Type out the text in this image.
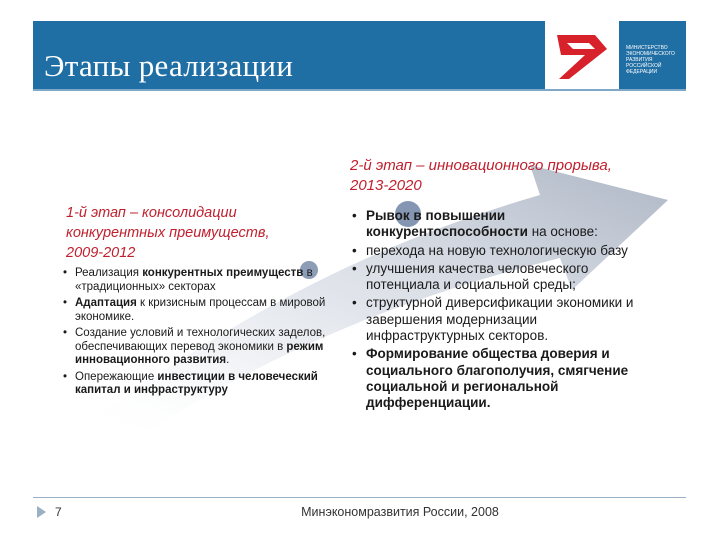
Этапы реализации	МИНИСТЕРСТВО
ЭКОНОМИЧЕСКОГО
РАЗВИТИЯ
РОССИЙСКОЙ
ФЕДЕРАЦИИ
1-й этап – консолидации конкурентных преимуществ, 2009-2012
• Реализация конкурентных преимуществ в «традиционных» секторах
• Адаптация к кризисным процессам в мировой экономике.
• Создание условий и технологических заделов, обеспечивающих перевод экономики в режим инновационного развития.
• Опережающие инвестиции в человеческий капитал и инфраструктуру
2-й этап – инновационного прорыва, 2013-2020
• Рывок в повышении конкурентоспособности на основе:
• перехода на новую технологическую базу
• улучшения качества человеческого потенциала и социальной среды;
• структурной диверсификации экономики и завершения модернизации инфраструктурных секторов.
• Формирование общества доверия и социального благополучия, смягчение социальной и региональной дифференциации.
7	Минэкономразвития России, 2008
